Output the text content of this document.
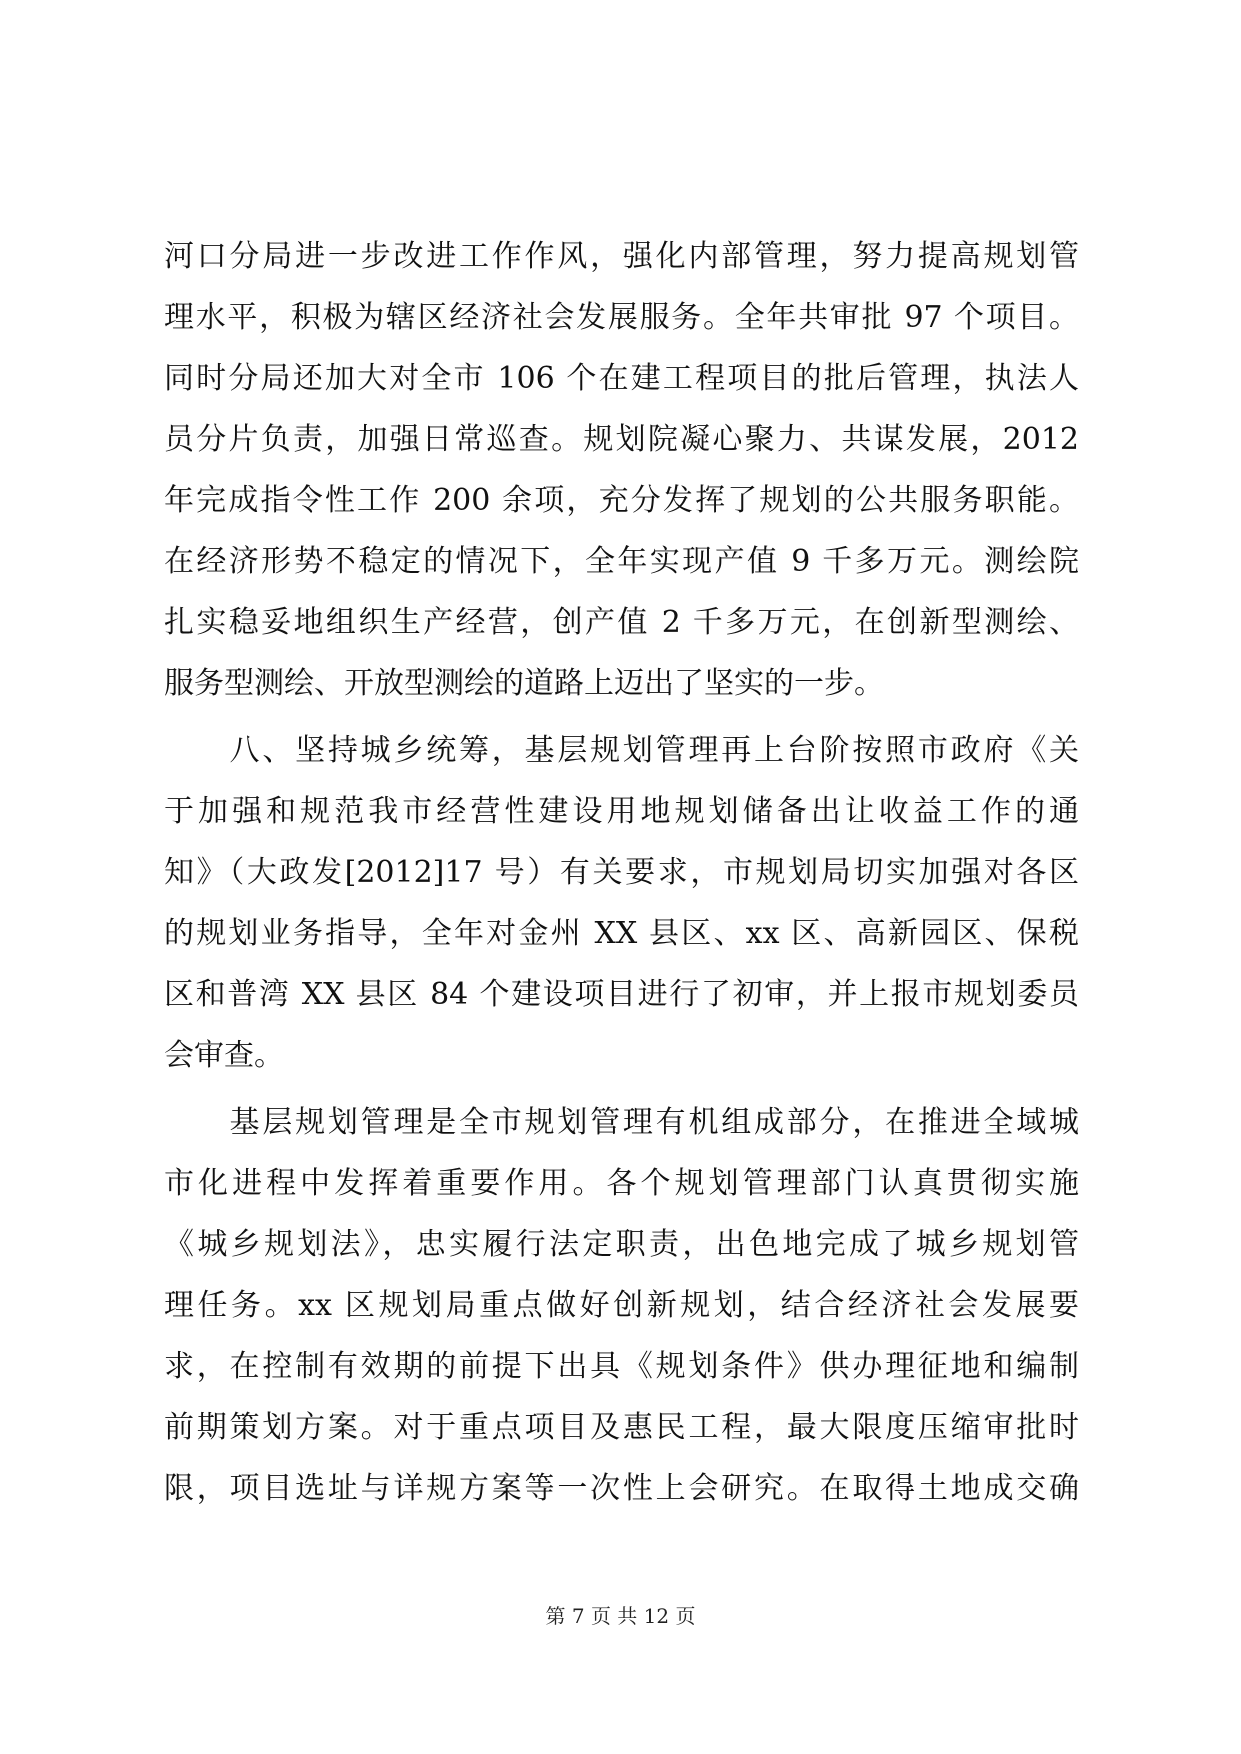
河口分局进一步改进工作作风，强化内部管理，努力提高规划管
理水平，积极为辖区经济社会发展服务。全年共审批 97 个项目。
同时分局还加大对全市 106 个在建工程项目的批后管理，执法人
员分片负责，加强日常巡查。规划院凝心聚力、共谋发展，2012
年完成指令性工作 200 余项，充分发挥了规划的公共服务职能。
在经济形势不稳定的情况下，全年实现产值 9 千多万元。测绘院
扎实稳妥地组织生产经营，创产值 2 千多万元，在创新型测绘、
服务型测绘、开放型测绘的道路上迈出了坚实的一步。
　　八、坚持城乡统筹，基层规划管理再上台阶按照市政府《关
于加强和规范我市经营性建设用地规划储备出让收益工作的通
知》（大政发[2012]17 号）有关要求，市规划局切实加强对各区
的规划业务指导，全年对金州 XX 县区、xx 区、高新园区、保税
区和普湾 XX 县区 84 个建设项目进行了初审，并上报市规划委员
会审查。
　　基层规划管理是全市规划管理有机组成部分，在推进全域城
市化进程中发挥着重要作用。各个规划管理部门认真贯彻实施
《城乡规划法》，忠实履行法定职责，出色地完成了城乡规划管
理任务。xx 区规划局重点做好创新规划，结合经济社会发展要
求，在控制有效期的前提下出具《规划条件》供办理征地和编制
前期策划方案。对于重点项目及惠民工程，最大限度压缩审批时
限，项目选址与详规方案等一次性上会研究。在取得土地成交确
第 7 页 共 12 页
